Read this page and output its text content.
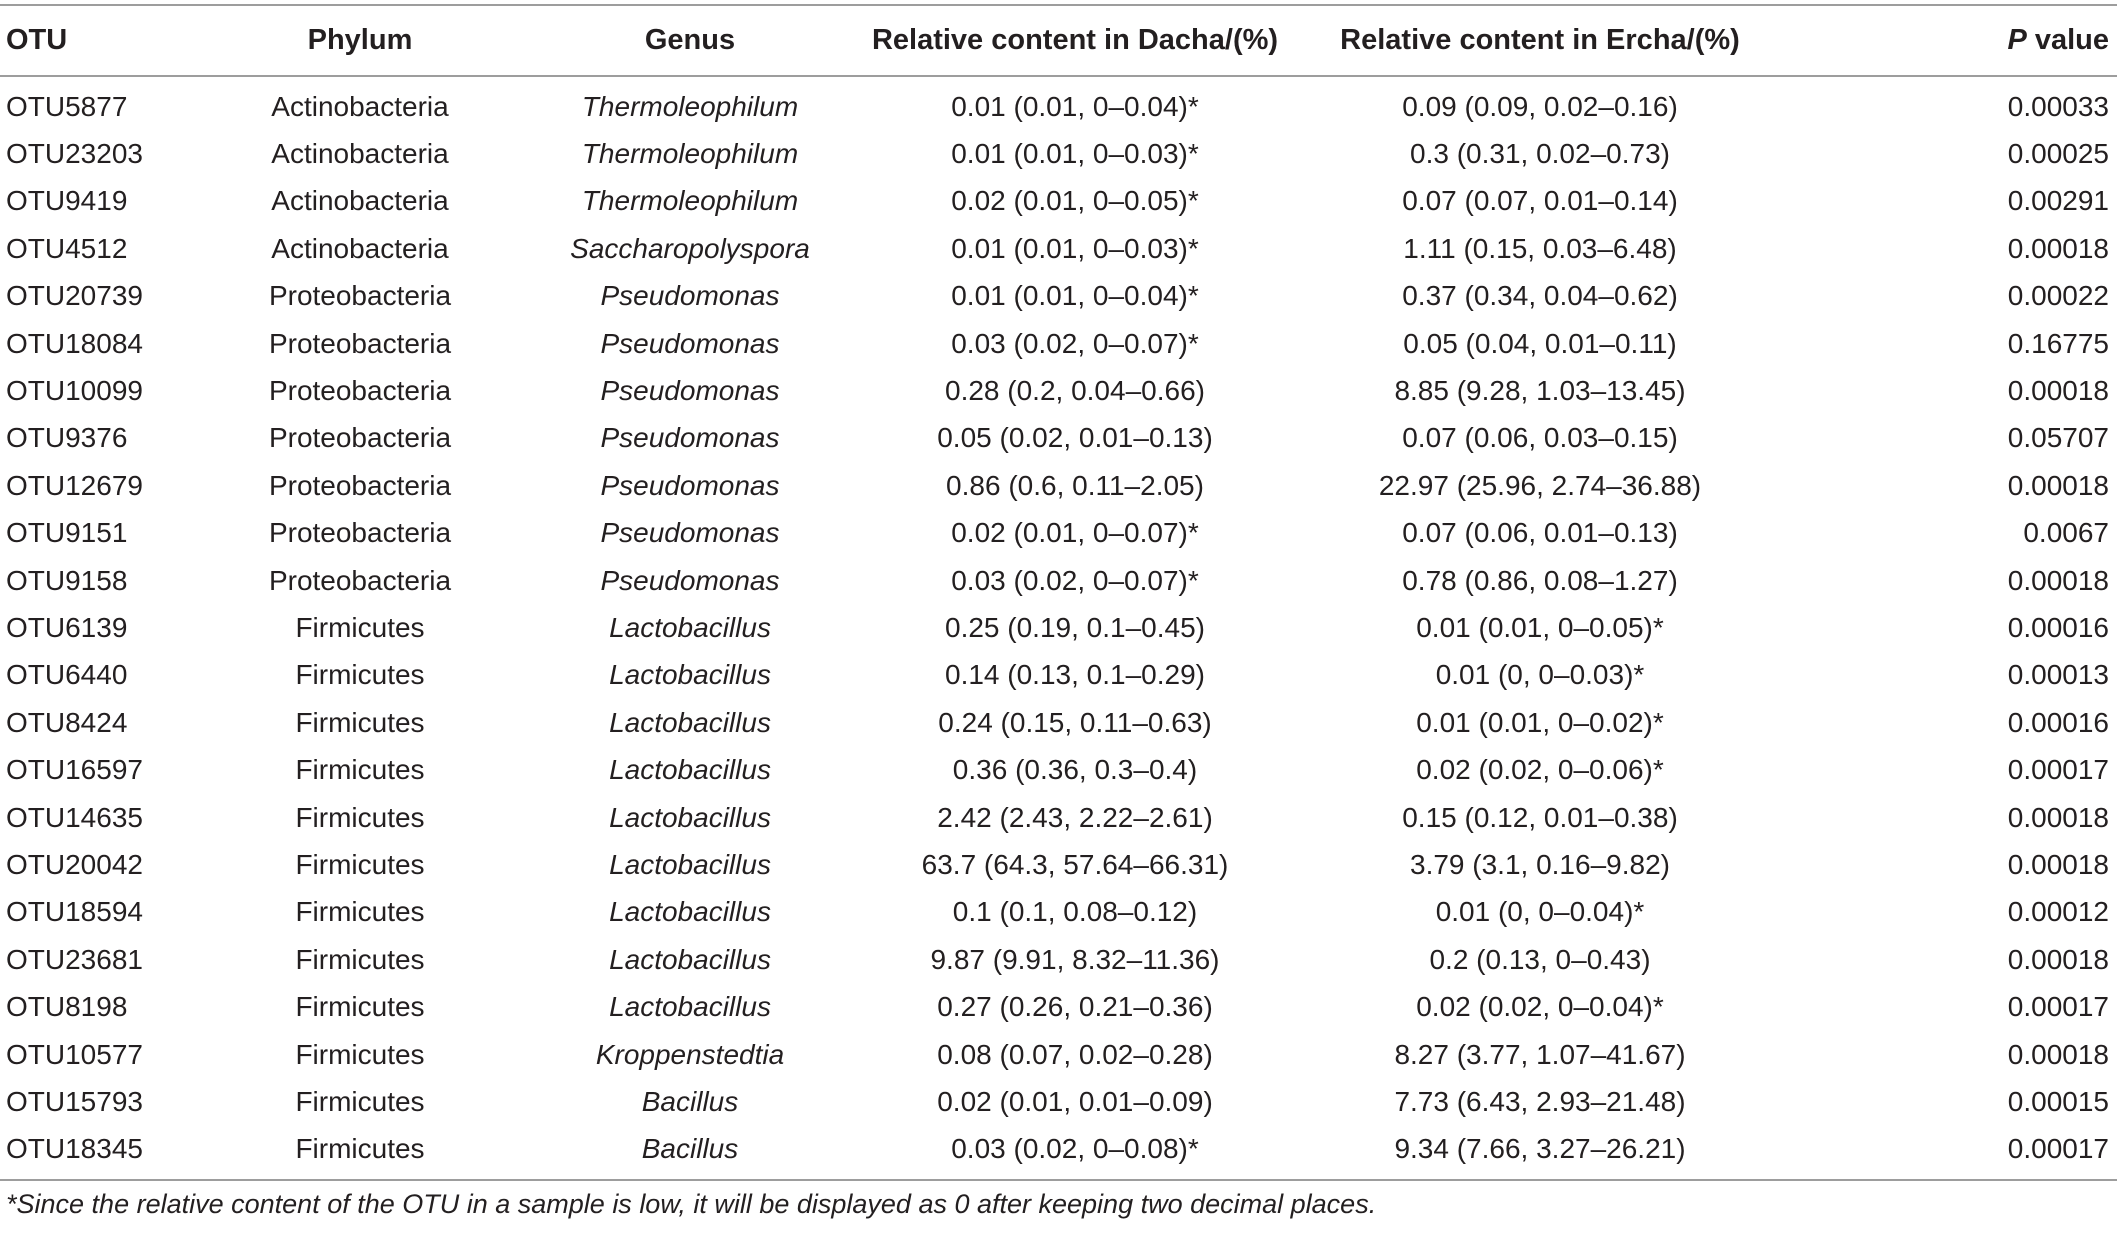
OTU	Phylum	Genus	Relative content in Dacha/(%)	Relative content in Ercha/(%)	P value
OTU5877	Actinobacteria	Thermoleophilum	0.01 (0.01, 0–0.04)*	0.09 (0.09, 0.02–0.16)	0.00033
OTU23203	Actinobacteria	Thermoleophilum	0.01 (0.01, 0–0.03)*	0.3 (0.31, 0.02–0.73)	0.00025
OTU9419	Actinobacteria	Thermoleophilum	0.02 (0.01, 0–0.05)*	0.07 (0.07, 0.01–0.14)	0.00291
OTU4512	Actinobacteria	Saccharopolyspora	0.01 (0.01, 0–0.03)*	1.11 (0.15, 0.03–6.48)	0.00018
OTU20739	Proteobacteria	Pseudomonas	0.01 (0.01, 0–0.04)*	0.37 (0.34, 0.04–0.62)	0.00022
OTU18084	Proteobacteria	Pseudomonas	0.03 (0.02, 0–0.07)*	0.05 (0.04, 0.01–0.11)	0.16775
OTU10099	Proteobacteria	Pseudomonas	0.28 (0.2, 0.04–0.66)	8.85 (9.28, 1.03–13.45)	0.00018
OTU9376	Proteobacteria	Pseudomonas	0.05 (0.02, 0.01–0.13)	0.07 (0.06, 0.03–0.15)	0.05707
OTU12679	Proteobacteria	Pseudomonas	0.86 (0.6, 0.11–2.05)	22.97 (25.96, 2.74–36.88)	0.00018
OTU9151	Proteobacteria	Pseudomonas	0.02 (0.01, 0–0.07)*	0.07 (0.06, 0.01–0.13)	0.0067
OTU9158	Proteobacteria	Pseudomonas	0.03 (0.02, 0–0.07)*	0.78 (0.86, 0.08–1.27)	0.00018
OTU6139	Firmicutes	Lactobacillus	0.25 (0.19, 0.1–0.45)	0.01 (0.01, 0–0.05)*	0.00016
OTU6440	Firmicutes	Lactobacillus	0.14 (0.13, 0.1–0.29)	0.01 (0, 0–0.03)*	0.00013
OTU8424	Firmicutes	Lactobacillus	0.24 (0.15, 0.11–0.63)	0.01 (0.01, 0–0.02)*	0.00016
OTU16597	Firmicutes	Lactobacillus	0.36 (0.36, 0.3–0.4)	0.02 (0.02, 0–0.06)*	0.00017
OTU14635	Firmicutes	Lactobacillus	2.42 (2.43, 2.22–2.61)	0.15 (0.12, 0.01–0.38)	0.00018
OTU20042	Firmicutes	Lactobacillus	63.7 (64.3, 57.64–66.31)	3.79 (3.1, 0.16–9.82)	0.00018
OTU18594	Firmicutes	Lactobacillus	0.1 (0.1, 0.08–0.12)	0.01 (0, 0–0.04)*	0.00012
OTU23681	Firmicutes	Lactobacillus	9.87 (9.91, 8.32–11.36)	0.2 (0.13, 0–0.43)	0.00018
OTU8198	Firmicutes	Lactobacillus	0.27 (0.26, 0.21–0.36)	0.02 (0.02, 0–0.04)*	0.00017
OTU10577	Firmicutes	Kroppenstedtia	0.08 (0.07, 0.02–0.28)	8.27 (3.77, 1.07–41.67)	0.00018
OTU15793	Firmicutes	Bacillus	0.02 (0.01, 0.01–0.09)	7.73 (6.43, 2.93–21.48)	0.00015
OTU18345	Firmicutes	Bacillus	0.03 (0.02, 0–0.08)*	9.34 (7.66, 3.27–26.21)	0.00017
*Since the relative content of the OTU in a sample is low, it will be displayed as 0 after keeping two decimal places.
